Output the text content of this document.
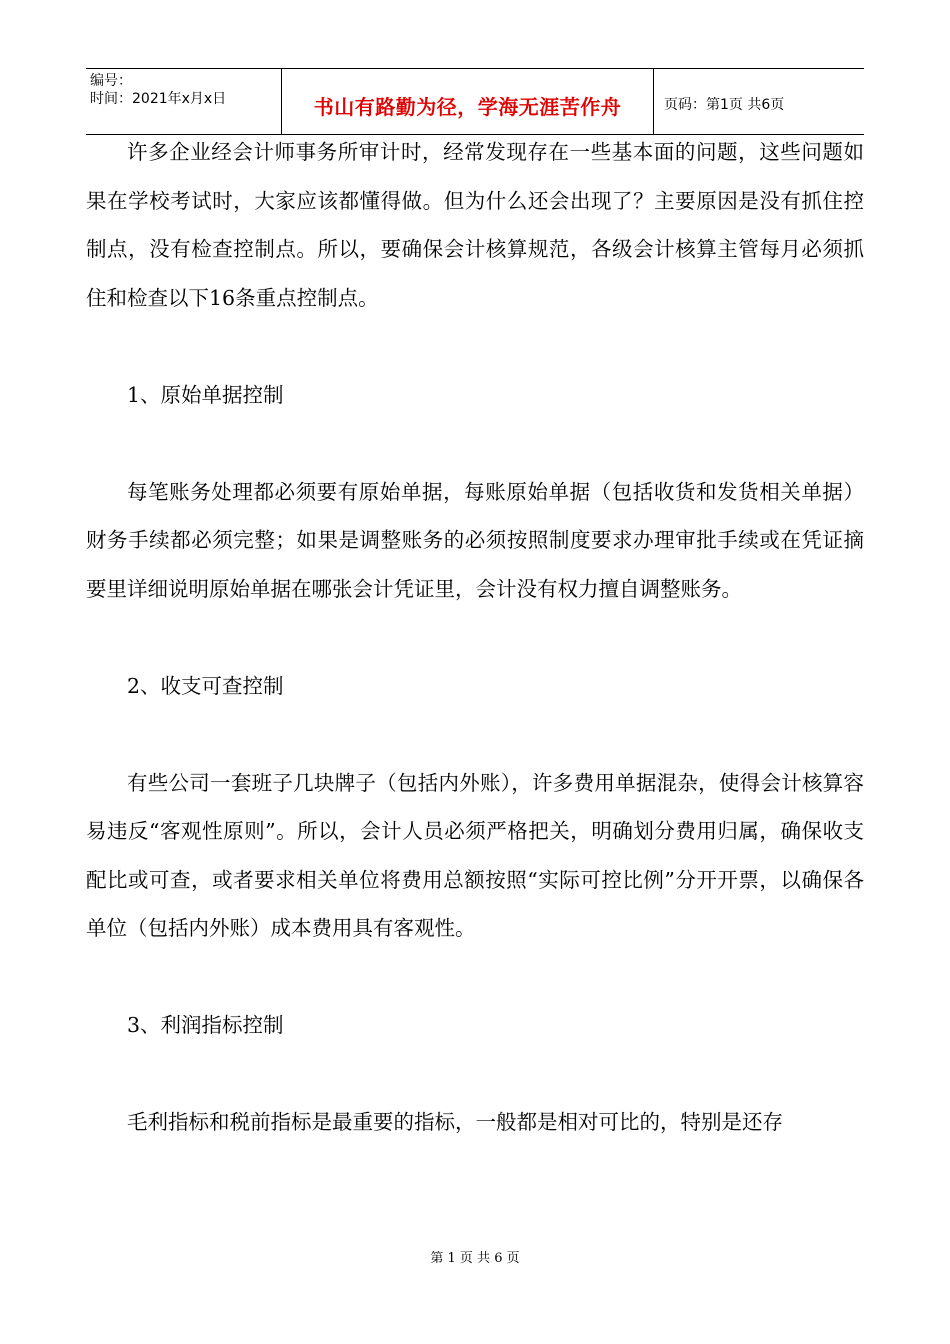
编号：
时间：2021年x月x日	书山有路勤为径，学海无涯苦作舟	页码：第1页 共6页

许多企业经会计师事务所审计时，经常发现存在一些基本面的问题，这些问题如果在学校考试时，大家应该都懂得做。但为什么还会出现了？主要原因是没有抓住控制点，没有检查控制点。所以，要确保会计核算规范，各级会计核算主管每月必须抓住和检查以下16条重点控制点。

1、原始单据控制

每笔账务处理都必须要有原始单据，每账原始单据（包括收货和发货相关单据）财务手续都必须完整；如果是调整账务的必须按照制度要求办理审批手续或在凭证摘要里详细说明原始单据在哪张会计凭证里，会计没有权力擅自调整账务。

2、收支可查控制

有些公司一套班子几块牌子（包括内外账），许多费用单据混杂，使得会计核算容易违反“客观性原则”。所以，会计人员必须严格把关，明确划分费用归属，确保收支配比或可查，或者要求相关单位将费用总额按照“实际可控比例”分开开票，以确保各单位（包括内外账）成本费用具有客观性。

3、利润指标控制

毛利指标和税前指标是最重要的指标，一般都是相对可比的，特别是还存

第 1 页 共 6 页
